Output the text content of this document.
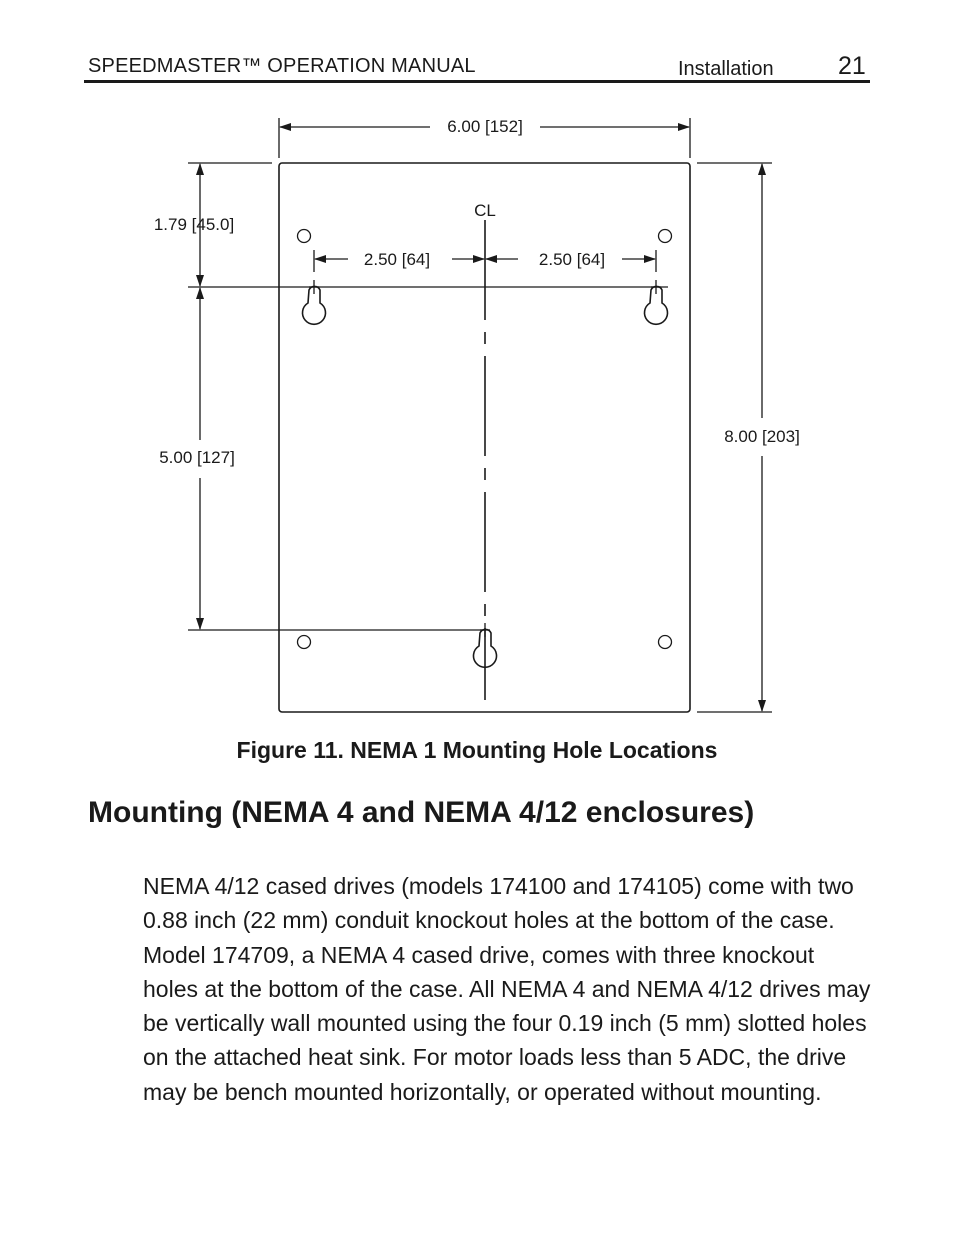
SPEEDMASTER™ OPERATION MANUAL	Installation	21
6.00 [152]
8.00 [203]
1.79 [45.0]
5.00 [127]
2.50 [64]	2.50 [64]
CL
Figure 11. NEMA 1 Mounting Hole Locations
Mounting (NEMA 4 and NEMA 4/12 enclosures)
NEMA 4/12 cased drives (models 174100 and 174105) come with two 0.88 inch (22 mm) conduit knockout holes at the bottom of the case. Model 174709, a NEMA 4 cased drive, comes with three knockout holes at the bottom of the case. All NEMA 4 and NEMA 4/12 drives may be vertically wall mounted using the four 0.19 inch (5 mm) slotted holes on the attached heat sink. For motor loads less than 5 ADC, the drive may be bench mounted horizontally, or operated without mounting.
